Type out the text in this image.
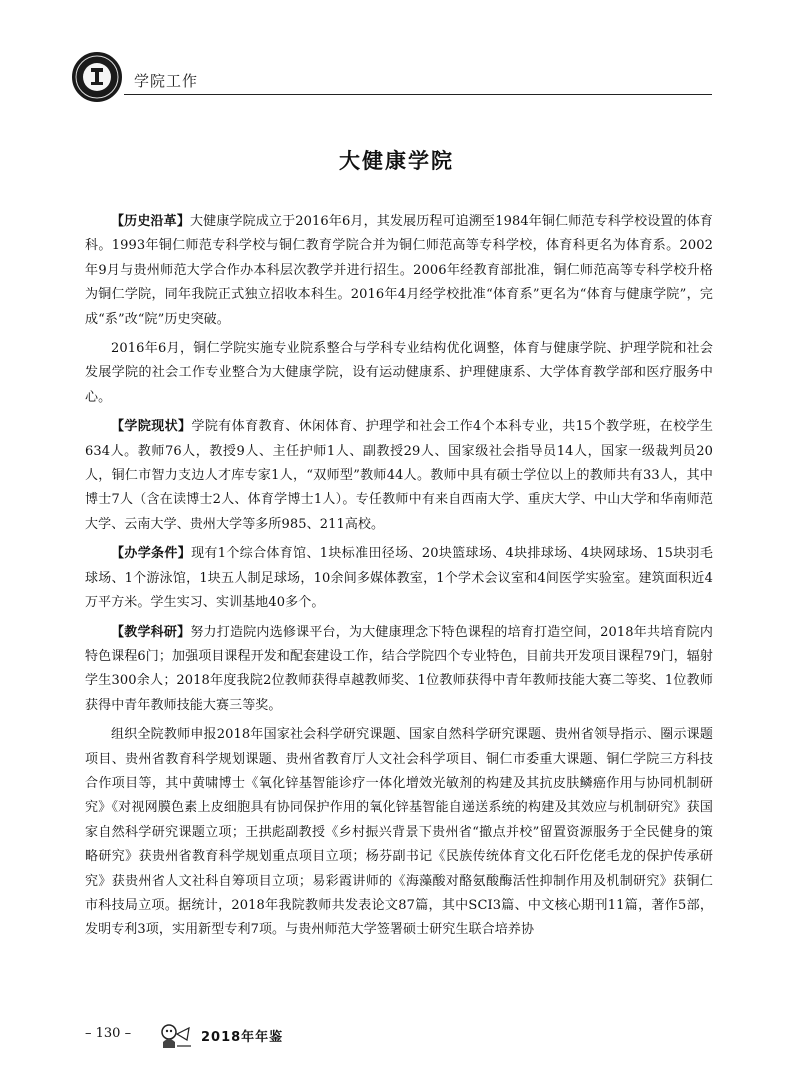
学院工作
大健康学院

【历史沿革】大健康学院成立于2016年6月，其发展历程可追溯至1984年铜仁师范专科学校设置的体育科。1993年铜仁师范专科学校与铜仁教育学院合并为铜仁师范高等专科学校，体育科更名为体育系。2002年9月与贵州师范大学合作办本科层次教学并进行招生。2006年经教育部批准，铜仁师范高等专科学校升格为铜仁学院，同年我院正式独立招收本科生。2016年4月经学校批准“体育系”更名为“体育与健康学院”，完成“系”改“院”历史突破。

2016年6月，铜仁学院实施专业院系整合与学科专业结构优化调整，体育与健康学院、护理学院和社会发展学院的社会工作专业整合为大健康学院，设有运动健康系、护理健康系、大学体育教学部和医疗服务中心。

【学院现状】学院有体育教育、休闲体育、护理学和社会工作4个本科专业，共15个教学班，在校学生634人。教师76人，教授9人、主任护师1人、副教授29人、国家级社会指导员14人，国家一级裁判员20人，铜仁市智力支边人才库专家1人，“双师型”教师44人。教师中具有硕士学位以上的教师共有33人，其中博士7人（含在读博士2人、体育学博士1人）。专任教师中有来自西南大学、重庆大学、中山大学和华南师范大学、云南大学、贵州大学等多所985、211高校。

【办学条件】现有1个综合体育馆、1块标准田径场、20块篮球场、4块排球场、4块网球场、15块羽毛球场、1个游泳馆，1块五人制足球场，10余间多媒体教室，1个学术会议室和4间医学实验室。建筑面积近4万平方米。学生实习、实训基地40多个。

【教学科研】努力打造院内选修课平台，为大健康理念下特色课程的培育打造空间，2018年共培育院内特色课程6门；加强项目课程开发和配套建设工作，结合学院四个专业特色，目前共开发项目课程79门，辐射学生300余人；2018年度我院2位教师获得卓越教师奖、1位教师获得中青年教师技能大赛二等奖、1位教师获得中青年教师技能大赛三等奖。

组织全院教师申报2018年国家社会科学研究课题、国家自然科学研究课题、贵州省领导指示、圈示课题项目、贵州省教育科学规划课题、贵州省教育厅人文社会科学项目、铜仁市委重大课题、铜仁学院三方科技合作项目等，其中黄啸博士《氧化锌基智能诊疗一体化增效光敏剂的构建及其抗皮肤鳞癌作用与协同机制研究》《对视网膜色素上皮细胞具有协同保护作用的氧化锌基智能自递送系统的构建及其效应与机制研究》获国家自然科学研究课题立项；王拱彪副教授《乡村振兴背景下贵州省“撤点并校”留置资源服务于全民健身的策略研究》获贵州省教育科学规划重点项目立项；杨芬副书记《民族传统体育文化石阡仡佬毛龙的保护传承研究》获贵州省人文社科自筹项目立项；易彩霞讲师的《海藻酸对酪氨酸酶活性抑制作用及机制研究》获铜仁市科技局立项。据统计，2018年我院教师共发表论文87篇，其中SCI3篇、中文核心期刊11篇，著作5部，发明专利3项，实用新型专利7项。与贵州师范大学签署硕士研究生联合培养协

– 130 –	2018年年鉴
